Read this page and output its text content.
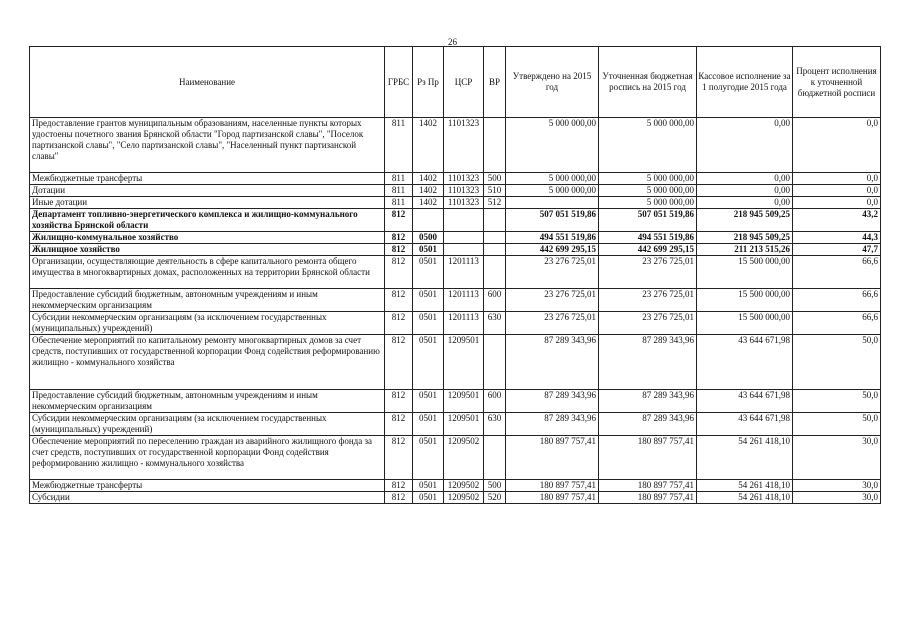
26
Наименование	ГРБС	Рз Пр	ЦСР	ВР	Утверждено на 2015 год	Уточненная бюджетная роспись на 2015 год	Кассовое исполнение за 1 полугодие 2015 года	Процент исполнения к уточненной бюджетной росписи
Предоставление грантов муниципальным образованиям, населенные пункты которых удостоены почетного звания Брянской области "Город партизанской славы", "Поселок партизанской славы", "Село партизанской славы", "Населенный пункт партизанской славы"	811	1402	1101323		5 000 000,00	5 000 000,00	0,00	0,0
Межбюджетные трансферты	811	1402	1101323	500	5 000 000,00	5 000 000,00	0,00	0,0
Дотации	811	1402	1101323	510	5 000 000,00	5 000 000,00	0,00	0,0
Иные дотации	811	1402	1101323	512		5 000 000,00	0,00	0,0
Департамент топливно-энергетического комплекса и жилищно-коммунального хозяйства Брянской области	812				507 051 519,86	507 051 519,86	218 945 509,25	43,2
Жилищно-коммунальное хозяйство	812	0500			494 551 519,86	494 551 519,86	218 945 509,25	44,3
Жилищное хозяйство	812	0501			442 699 295,15	442 699 295,15	211 213 515,26	47,7
Организации, осуществляющие деятельность в сфере капитального ремонта общего имущества в многоквартирных домах, расположенных на территории Брянской области	812	0501	1201113		23 276 725,01	23 276 725,01	15 500 000,00	66,6
Предоставление субсидий бюджетным, автономным учреждениям и иным некоммерческим организациям	812	0501	1201113	600	23 276 725,01	23 276 725,01	15 500 000,00	66,6
Субсидии некоммерческим организациям (за исключением государственных (муниципальных) учреждений)	812	0501	1201113	630	23 276 725,01	23 276 725,01	15 500 000,00	66,6
Обеспечение мероприятий по капитальному ремонту многоквартирных домов за счет средств, поступивших от государственной корпорации Фонд содействия реформированию жилищно - коммунального хозяйства	812	0501	1209501		87 289 343,96	87 289 343,96	43 644 671,98	50,0
Предоставление субсидий бюджетным, автономным учреждениям и иным некоммерческим организациям	812	0501	1209501	600	87 289 343,96	87 289 343,96	43 644 671,98	50,0
Субсидии некоммерческим организациям (за исключением государственных (муниципальных) учреждений)	812	0501	1209501	630	87 289 343,96	87 289 343,96	43 644 671,98	50,0
Обеспечение мероприятий по переселению граждан из аварийного жилищного фонда за счет средств, поступивших от государственной корпорации Фонд содействия реформированию жилищно - коммунального хозяйства	812	0501	1209502		180 897 757,41	180 897 757,41	54 261 418,10	30,0
Межбюджетные трансферты	812	0501	1209502	500	180 897 757,41	180 897 757,41	54 261 418,10	30,0
Субсидии	812	0501	1209502	520	180 897 757,41	180 897 757,41	54 261 418,10	30,0
